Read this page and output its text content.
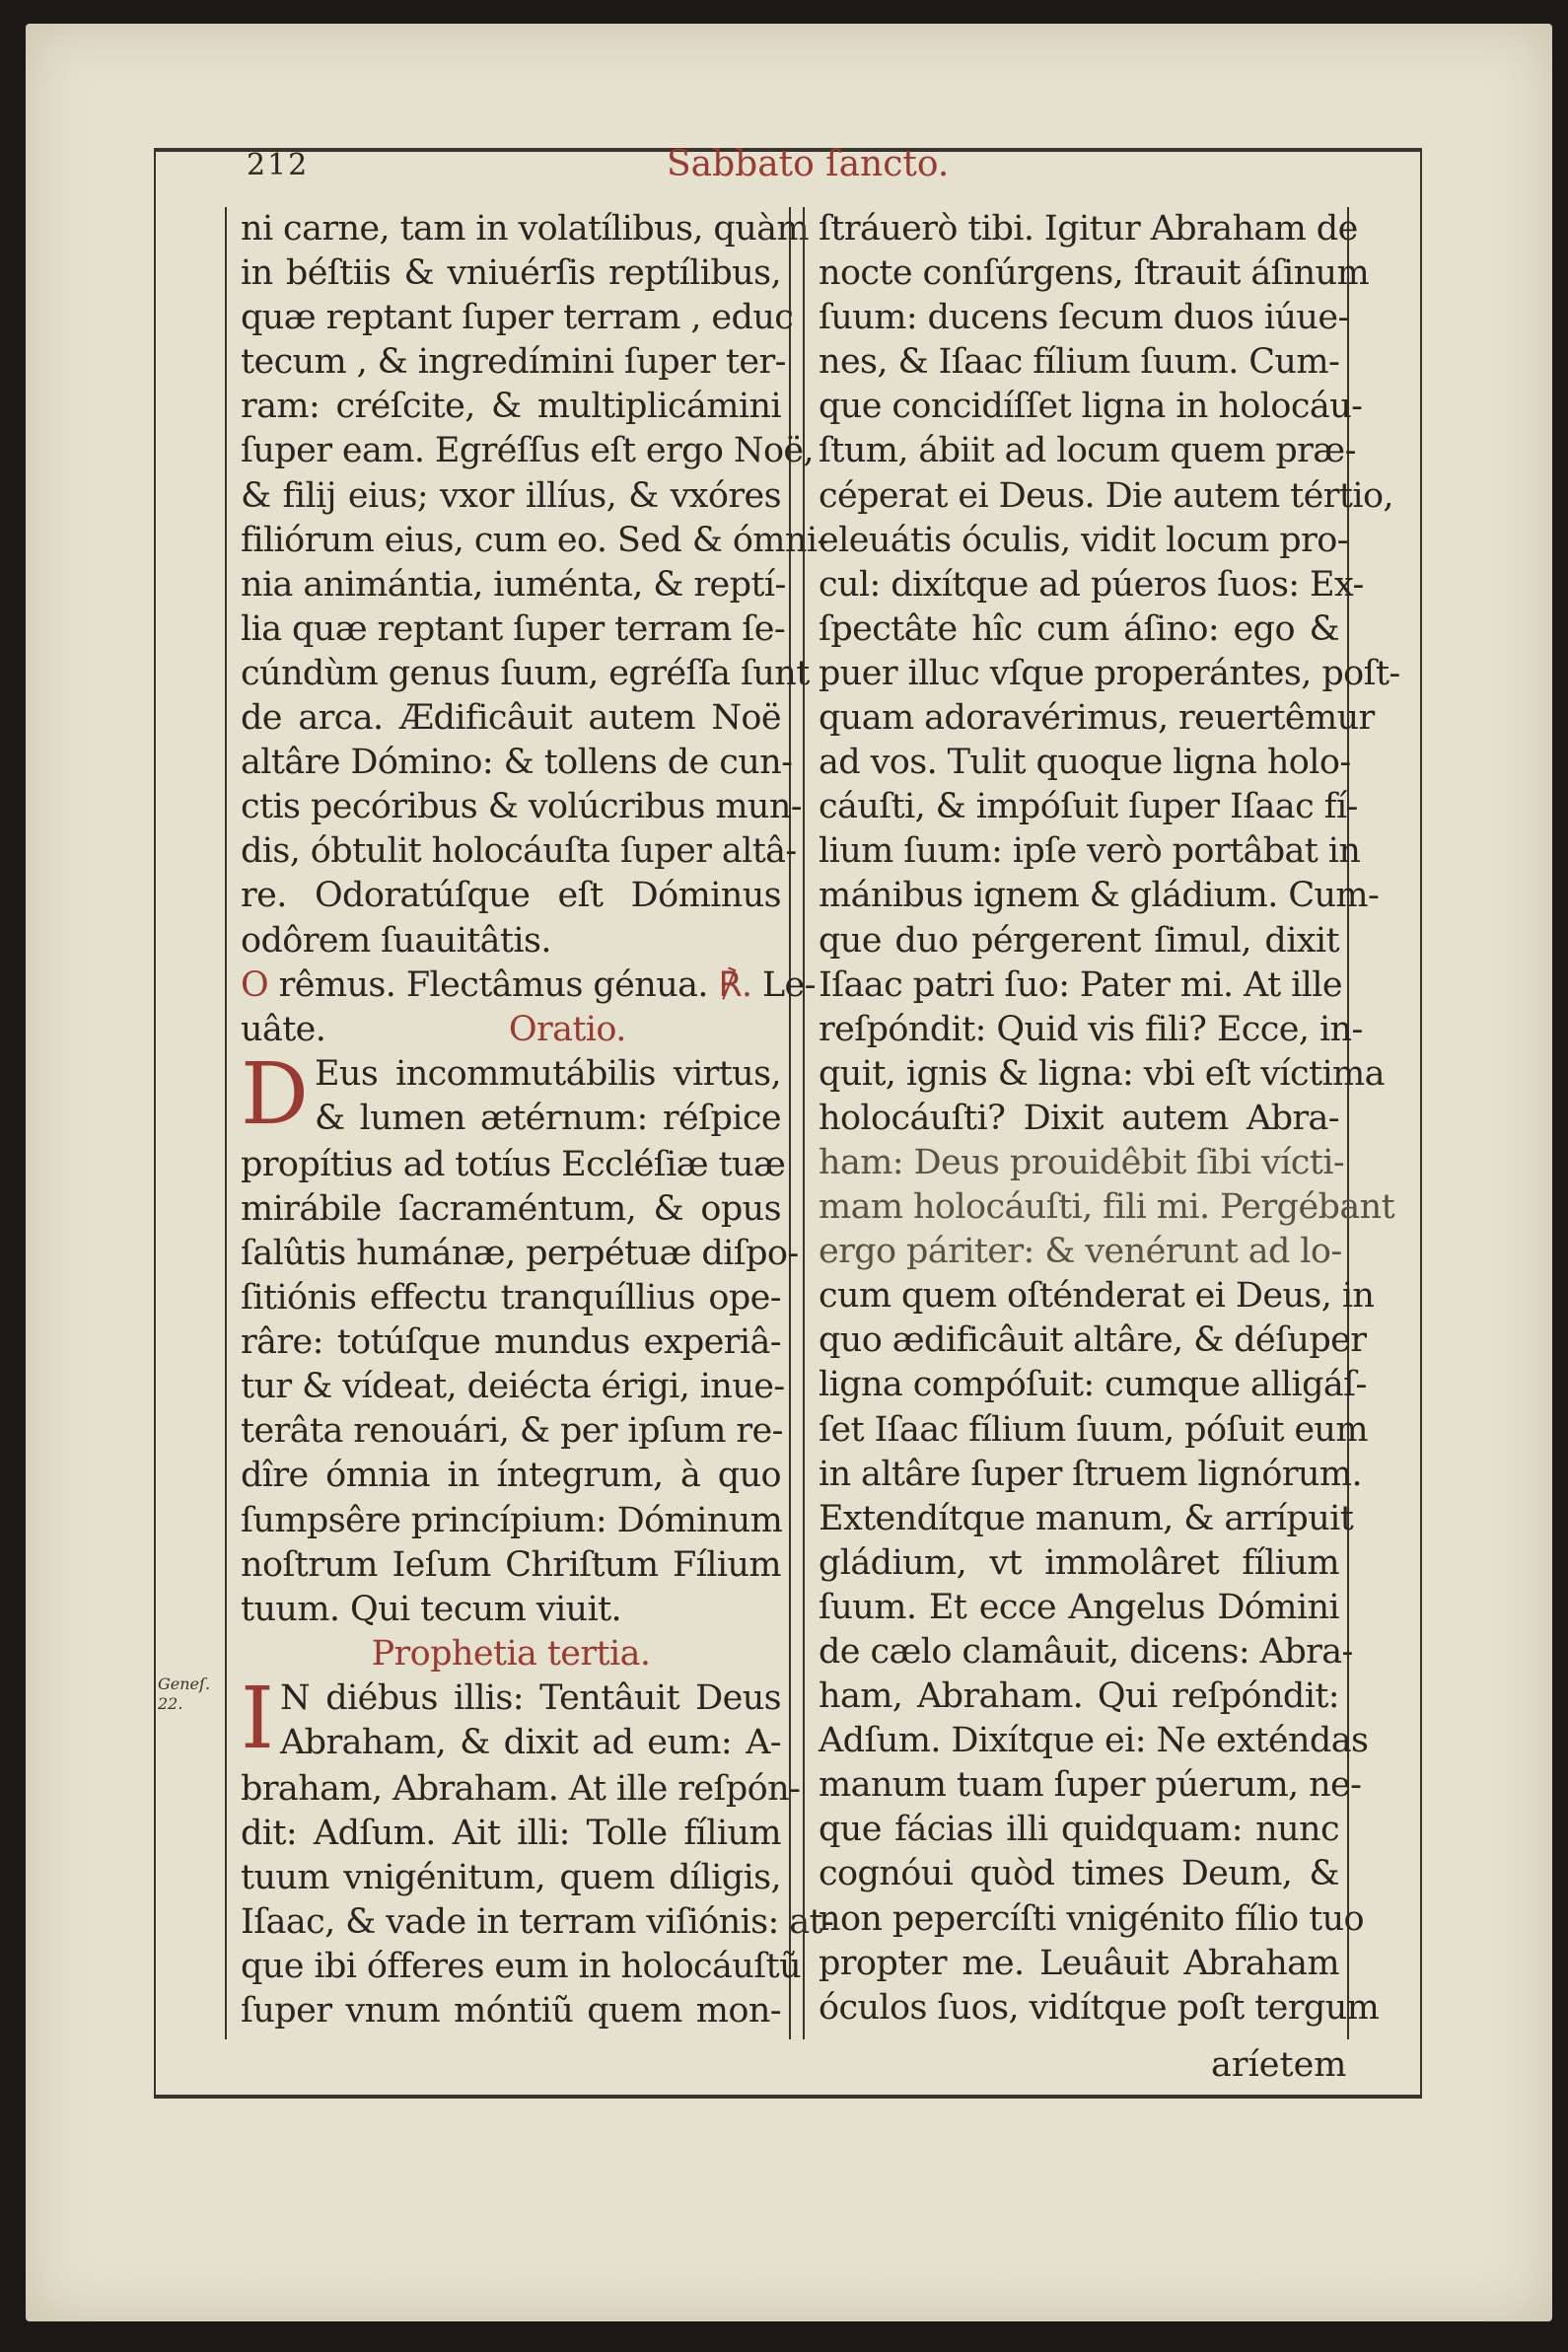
212	Sabbato ſancto.
Geneſ.
22.
ni carne, tam in volatílibus, quàm
in béſtiis & vniuérſis reptílibus,
quæ reptant ſuper terram , educ
tecum , & ingredímini ſuper ter-
ram: créſcite, & multiplicámini
ſuper eam. Egréſſus eſt ergo Noë,
& filij eius; vxor illíus, & vxóres
filiórum eius, cum eo. Sed & ómni-
nia animántia, iuménta, & reptí-
lia quæ reptant ſuper terram ſe-
cúndùm genus ſuum, egréſſa ſunt
de arca. Ædificâuit autem Noë
altâre Dómino: & tollens de cun-
ctis pecóribus & volúcribus mun-
dis, óbtulit holocáuſta ſuper altâ-
re. Odoratúſque eſt Dóminus
odôrem ſuauitâtis.
O rêmus. Flectâmus génua. ℟. Le-
uâte.	Oratio.
D Eus incommutábilis virtus,
& lumen ætérnum: réſpice
propítius ad totíus Eccléſiæ tuæ
mirábile ſacraméntum, & opus
ſalûtis humánæ, perpétuæ diſpo-
ſitiónis effectu tranquíllius ope-
râre: totúſque mundus experiâ-
tur & vídeat, deiécta érigi, inue-
terâta renouári, & per ipſum re-
dîre ómnia in íntegrum, à quo
ſumpsêre princípium: Dóminum
noſtrum Ieſum Chriſtum Fílium
tuum. Qui tecum viuit.
Prophetia tertia.
I N diébus illis: Tentâuit Deus
Abraham, & dixit ad eum: A-
braham, Abraham. At ille reſpón-
dit: Adſum. Ait illi: Tolle fílium
tuum vnigénitum, quem díligis,
Iſaac, & vade in terram viſiónis: at-
que ibi ófferes eum in holocáuſtũ
ſuper vnum móntiũ quem mon-
ſtráuerò tibi. Igitur Abraham de
nocte conſúrgens, ſtrauit áſinum
ſuum: ducens ſecum duos iúue-
nes, & Iſaac fílium ſuum. Cum-
que concidíſſet ligna in holocáu-
ſtum, ábiit ad locum quem præ-
céperat ei Deus. Die autem tértio,
eleuátis óculis, vidit locum pro-
cul: dixítque ad púeros ſuos: Ex-
ſpectâte hîc cum áſino: ego &
puer illuc vſque properántes, poſt-
quam adoravérimus, reuertêmur
ad vos. Tulit quoque ligna holo-
cáuſti, & impóſuit ſuper Iſaac fí-
lium ſuum: ipſe verò portâbat in
mánibus ignem & gládium. Cum-
que duo pérgerent ſimul, dixit
Iſaac patri ſuo: Pater mi. At ille
reſpóndit: Quid vis fili? Ecce, in-
quit, ignis & ligna: vbi eſt víctima
holocáuſti? Dixit autem Abra-
ham: Deus prouidêbit ſibi vícti-
mam holocáuſti, fili mi. Pergébant
ergo páriter: & venérunt ad lo-
cum quem oſténderat ei Deus, in
quo ædificâuit altâre, & déſuper
ligna compóſuit: cumque alligáſ-
ſet Iſaac fílium ſuum, póſuit eum
in altâre ſuper ſtruem lignórum.
Extendítque manum, & arrípuit
gládium, vt immolâret fílium
ſuum. Et ecce Angelus Dómini
de cælo clamâuit, dicens: Abra-
ham, Abraham. Qui reſpóndit:
Adſum. Dixítque ei: Ne exténdas
manum tuam ſuper púerum, ne-
que fácias illi quidquam: nunc
cognóui quòd times Deum, &
non pepercíſti vnigénito fílio tuo
propter me. Leuâuit Abraham
óculos ſuos, vidítque poſt tergum
aríetem
